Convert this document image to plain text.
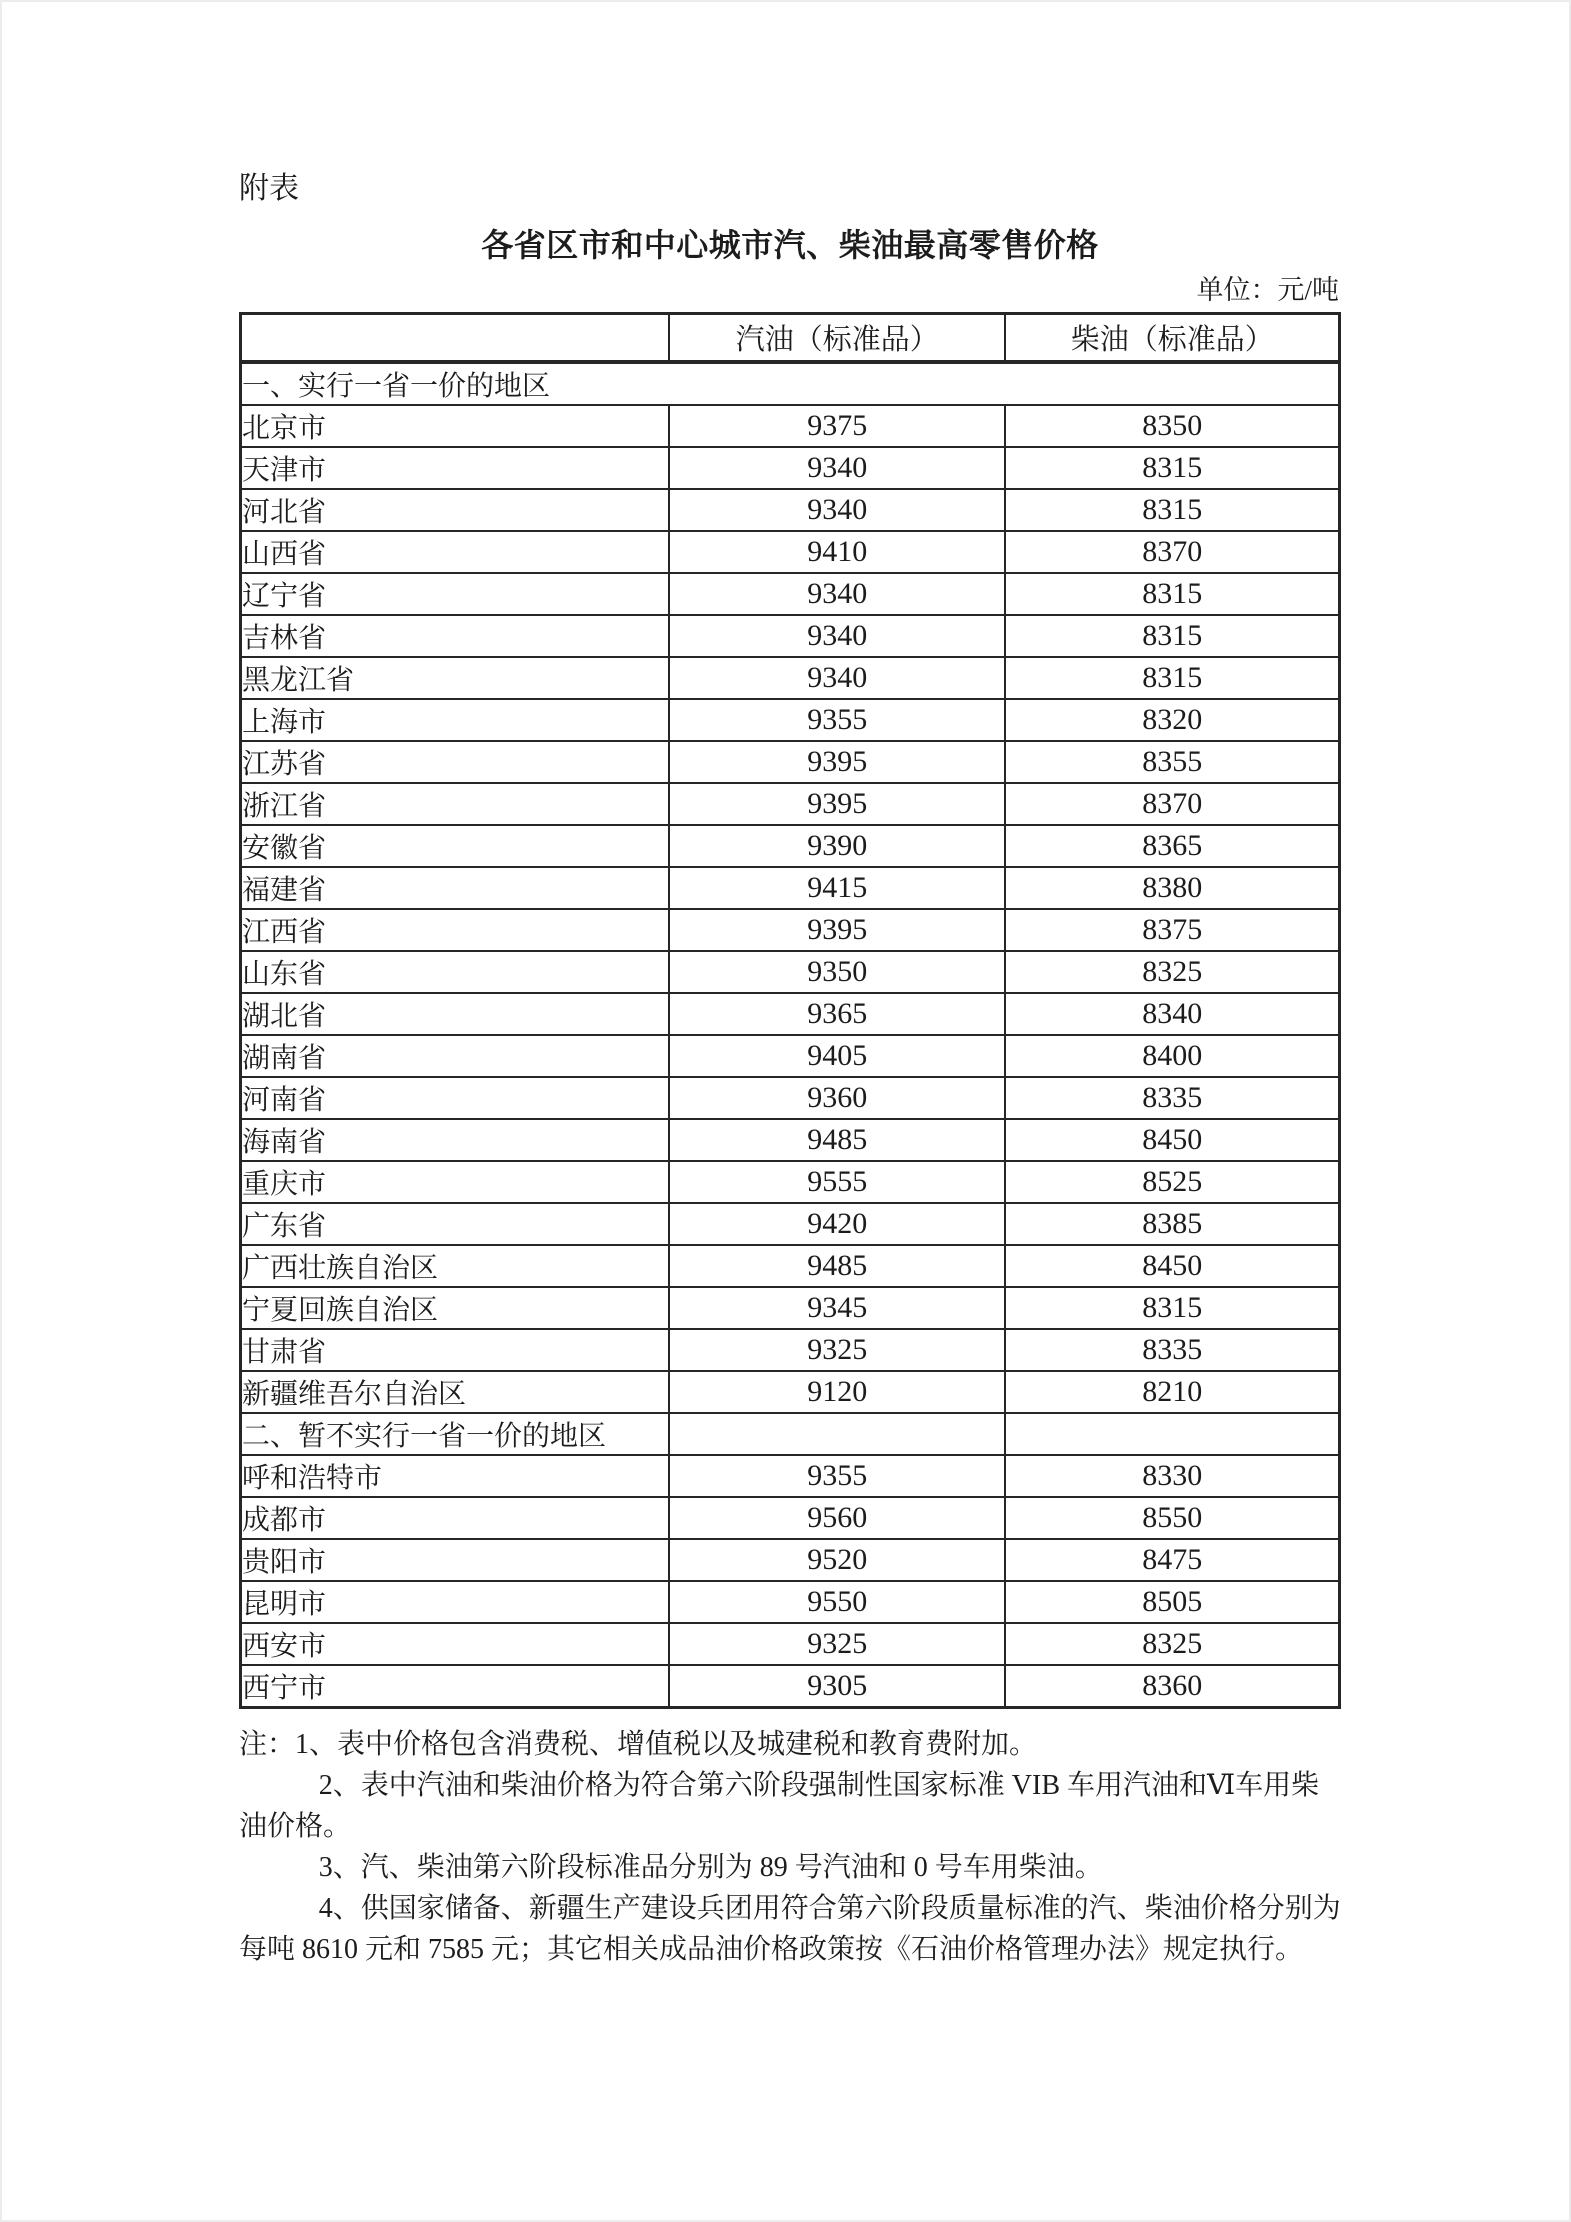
附表
各省区市和中心城市汽、柴油最高零售价格
单位：元/吨
	汽油（标准品）	柴油（标准品）
一、实行一省一价的地区		
北京市	9375	8350
天津市	9340	8315
河北省	9340	8315
山西省	9410	8370
辽宁省	9340	8315
吉林省	9340	8315
黑龙江省	9340	8315
上海市	9355	8320
江苏省	9395	8355
浙江省	9395	8370
安徽省	9390	8365
福建省	9415	8380
江西省	9395	8375
山东省	9350	8325
湖北省	9365	8340
湖南省	9405	8400
河南省	9360	8335
海南省	9485	8450
重庆市	9555	8525
广东省	9420	8385
广西壮族自治区	9485	8450
宁夏回族自治区	9345	8315
甘肃省	9325	8335
新疆维吾尔自治区	9120	8210
二、暂不实行一省一价的地区		
呼和浩特市	9355	8330
成都市	9560	8550
贵阳市	9520	8475
昆明市	9550	8505
西安市	9325	8325
西宁市	9305	8360

注：1、表中价格包含消费税、增值税以及城建税和教育费附加。

2、表中汽油和柴油价格为符合第六阶段强制性国家标准 VIB 车用汽油和Ⅵ车用柴油价格。

3、汽、柴油第六阶段标准品分别为 89 号汽油和 0 号车用柴油。

4、供国家储备、新疆生产建设兵团用符合第六阶段质量标准的汽、柴油价格分别为每吨 8610 元和 7585 元；其它相关成品油价格政策按《石油价格管理办法》规定执行。
